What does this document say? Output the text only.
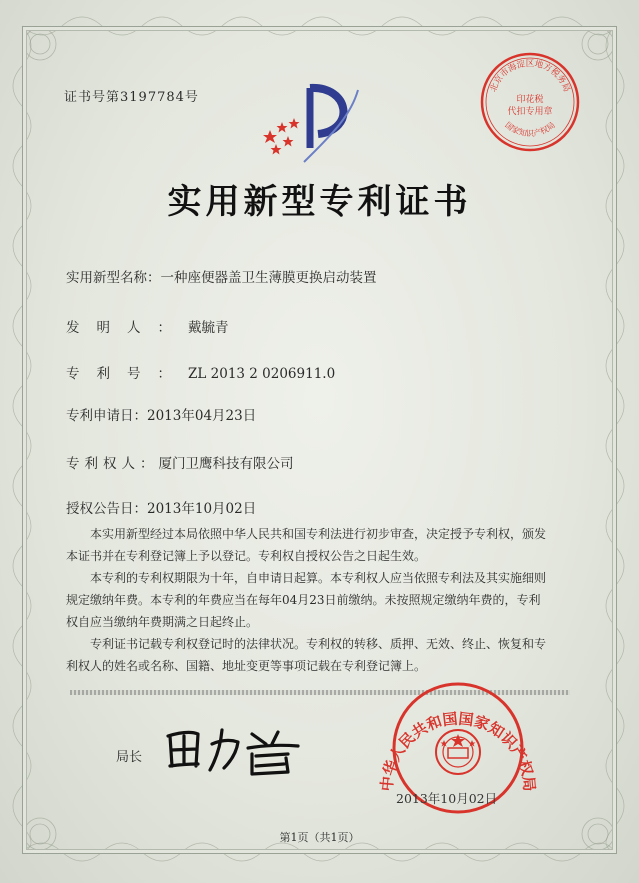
证书号第3197784号
北京市海淀区地方税务局
印花税
代扣专用章
国家知识产权局
实用新型专利证书
实用新型名称：一种座便器盖卫生薄膜更换启动装置
发明人：戴毓青
专利号：ZL 2013 2 0206911.0
专利申请日：2013年04月23日
专利权人：厦门卫鹰科技有限公司
授权公告日：2013年10月02日

本实用新型经过本局依照中华人民共和国专利法进行初步审查，决定授予专利权，颁发本证书并在专利登记簿上予以登记。专利权自授权公告之日起生效。

本专利的专利权期限为十年，自申请日起算。本专利权人应当依照专利法及其实施细则规定缴纳年费。本专利的年费应当在每年04月23日前缴纳。未按照规定缴纳年费的，专利权自应当缴纳年费期满之日起终止。

专利证书记载专利权登记时的法律状况。专利权的转移、质押、无效、终止、恢复和专利权人的姓名或名称、国籍、地址变更等事项记载在专利登记簿上。

局长
中华人民共和国国家知识产权局
2013年10月02日
第1页（共1页）
